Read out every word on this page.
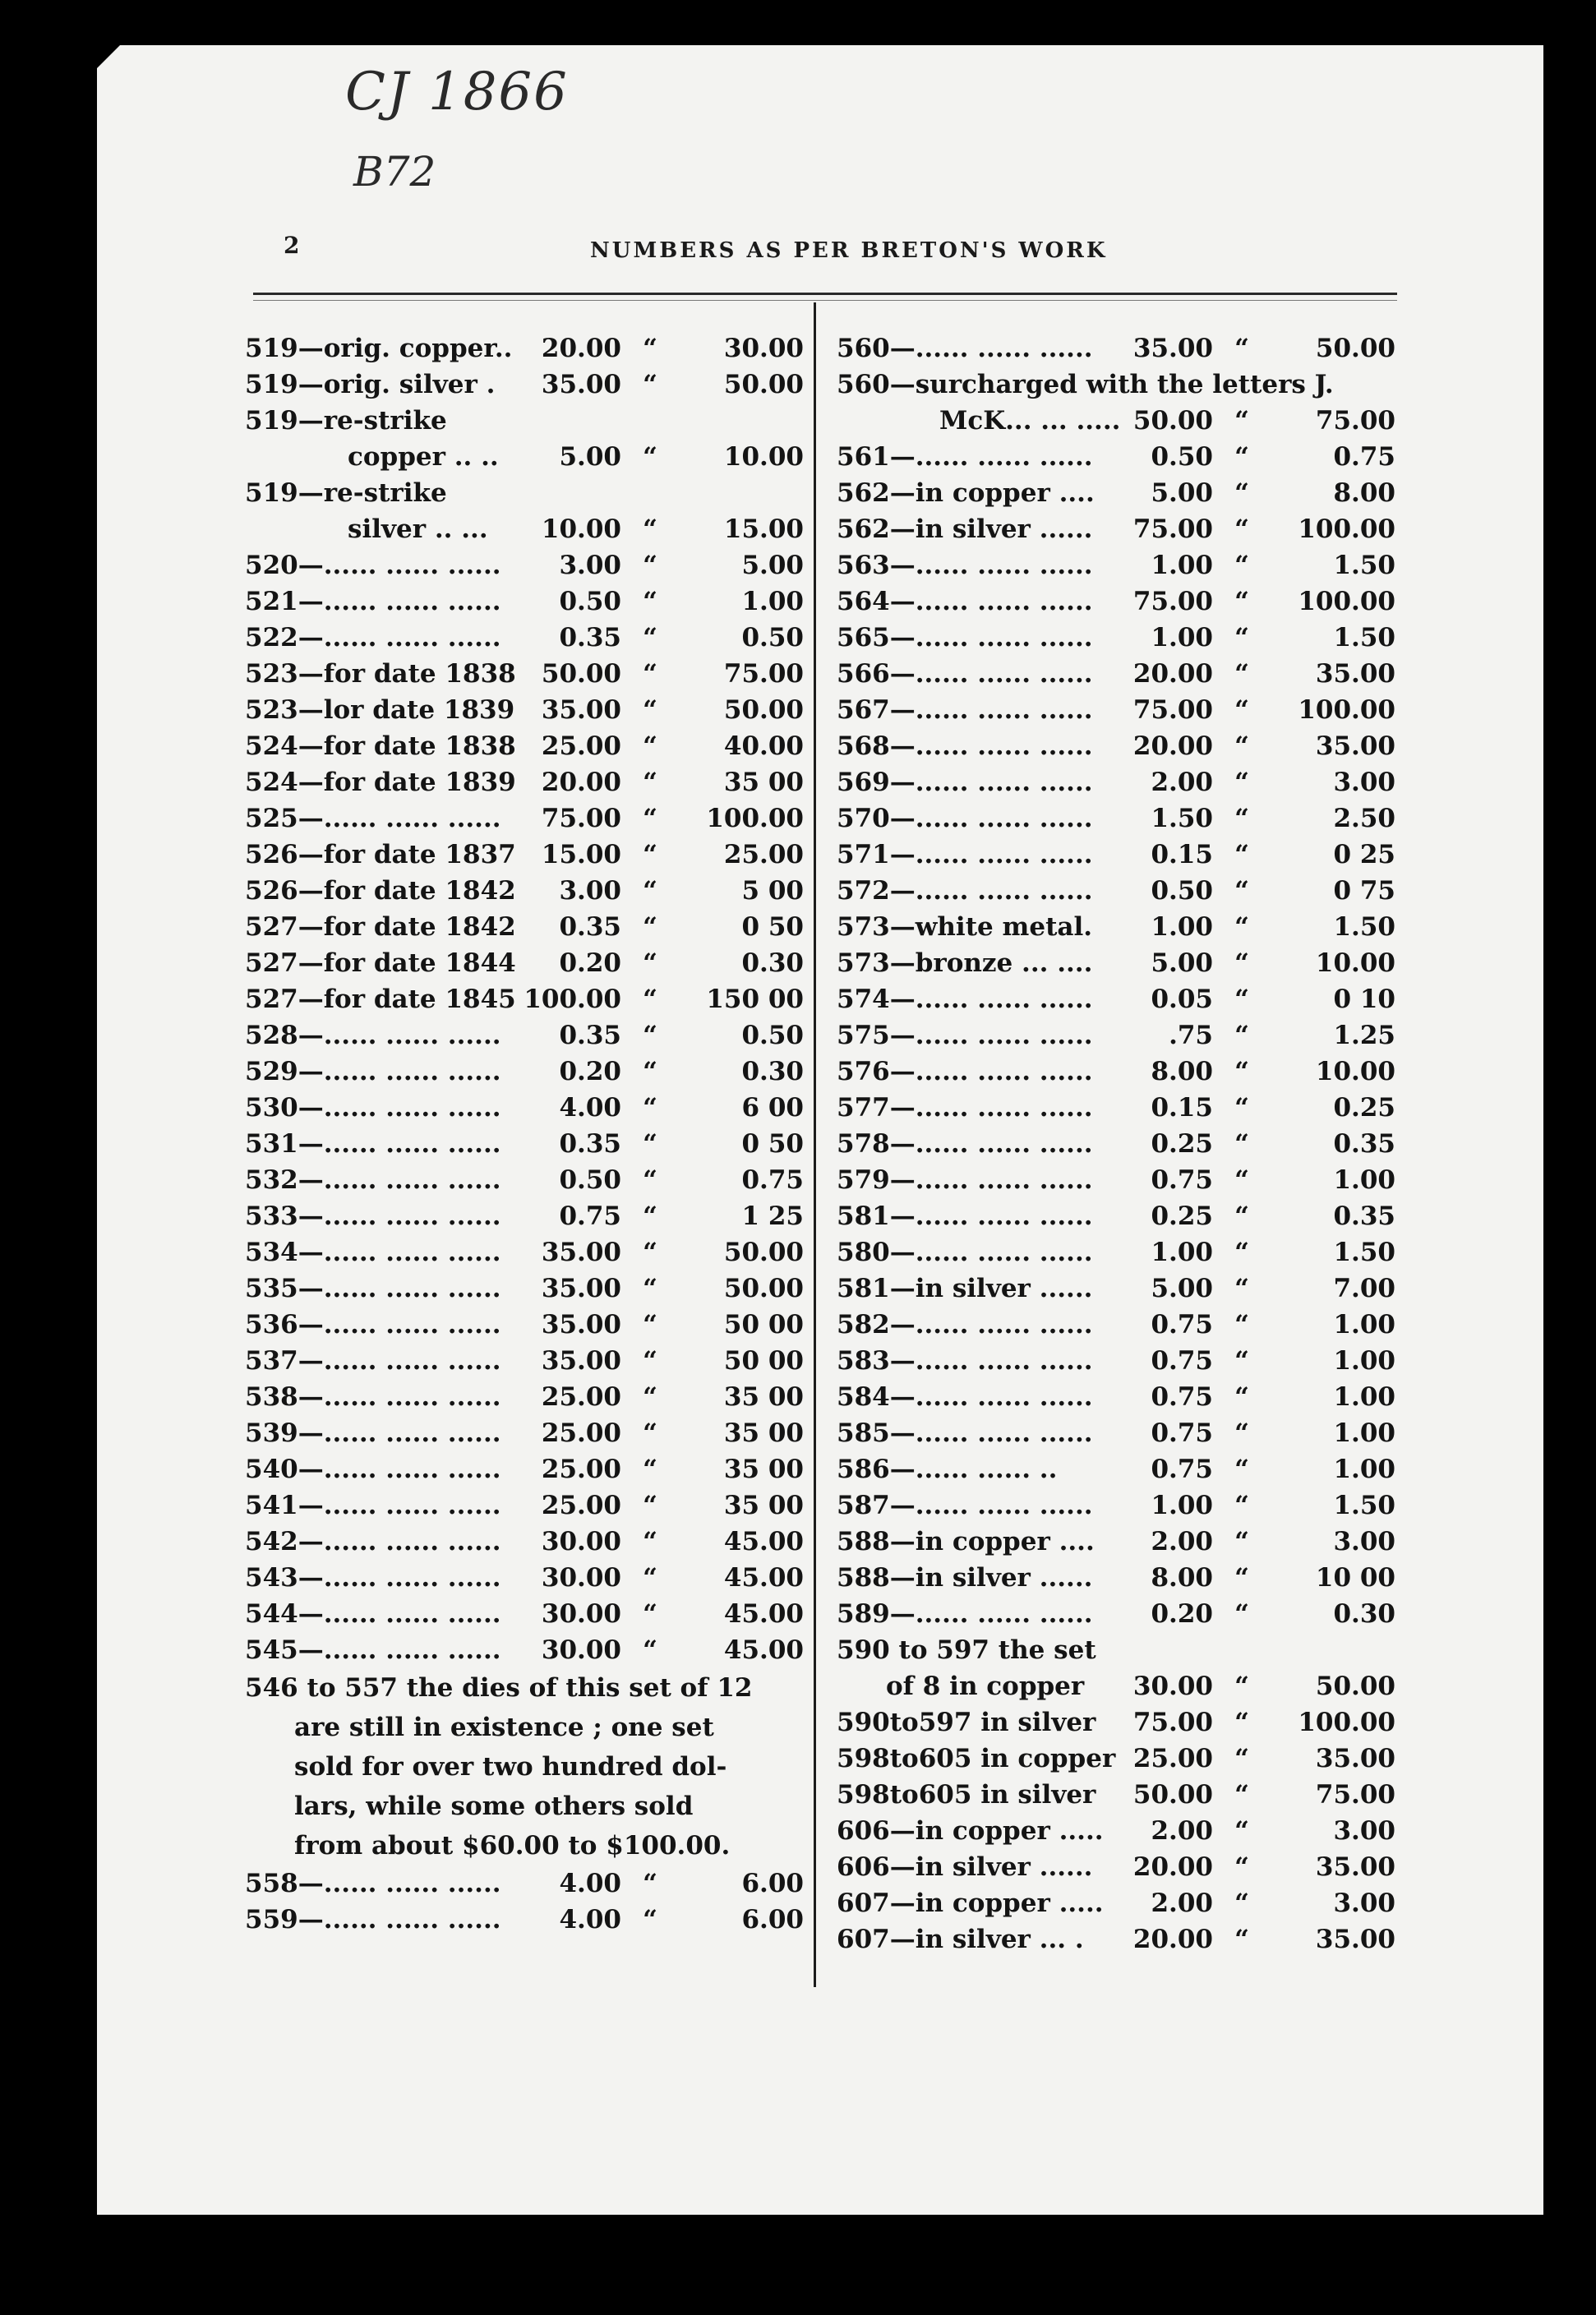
CJ 1866
B72
2	NUMBERS AS PER BRETON'S WORK
519—orig. copper.. 20.00 “	30.00
519—orig. silver . 35.00 “	50.00
519—re-strike
copper .. .. 5.00 “	10.00
519—re-strike
silver .. ... 10.00 “	15.00
520—...... ...... ...... 3.00 “	5.00
521—...... ...... ...... 0.50 “	1.00
522—...... ...... ...... 0.35 “	0.50
523—for date 1838 50.00 “	75.00
523—lor date 1839 35.00 “	50.00
524—for date 1838 25.00 “	40.00
524—for date 1839 20.00 “	35 00
525—...... ...... ...... 75.00 “ 100.00
526—for date 1837 15.00 “	25.00
526—for date 1842 3.00 “	5 00
527—for date 1842 0.35 “	0 50
527—for date 1844 0.20 “	0.30
527—for date 1845 100.00 “ 150 00
528—...... ...... ...... 0.35 “	0.50
529—...... ...... ...... 0.20 “	0.30
530—...... ...... ...... 4.00 “	6 00
531—...... ...... ...... 0.35 “	0 50
532—...... ...... ...... 0.50 “	0.75
533—...... ...... ...... 0.75 “	1 25
534—...... ...... ...... 35.00 “	50.00
535—...... ...... ...... 35.00 “	50.00
536—...... ...... ...... 35.00 “	50 00
537—...... ...... ...... 35.00 “	50 00
538—...... ...... ...... 25.00 “	35 00
539—...... ...... ...... 25.00 “	35 00
540—...... ...... ...... 25.00 “	35 00
541—...... ...... ...... 25.00 “	35 00
542—...... ...... ...... 30.00 “	45.00
543—...... ...... ...... 30.00 “	45.00
544—...... ...... ...... 30.00 “	45.00
545—...... ...... ...... 30.00 “	45.00
546 to 557 the dies of this set of 12
are still in existence ; one set
sold for over two hundred dol-
lars, while some others sold
from about $60.00 to $100.00.
558—...... ...... ...... 4.00 “	6.00
559—...... ...... ...... 4.00 “	6.00
560—...... ...... ...... 35.00 “	50.00
560—surcharged with the letters J.
McK... ... ..... 50.00 “	75.00
561—...... ...... ...... 0.50 “	0.75
562—in copper .... 5.00 “	8.00
562—in silver ...... 75.00 “ 100.00
563—...... ...... ...... 1.00 “	1.50
564—...... ...... ...... 75.00 “ 100.00
565—...... ...... ...... 1.00 “	1.50
566—...... ...... ...... 20.00 “	35.00
567—...... ...... ...... 75.00 “ 100.00
568—...... ...... ...... 20.00 “	35.00
569—...... ...... ...... 2.00 “	3.00
570—...... ...... ...... 1.50 “	2.50
571—...... ...... ...... 0.15 “	0 25
572—...... ...... ...... 0.50 “	0 75
573—white metal. 1.00 “	1.50
573—bronze ... .... 5.00 “	10.00
574—...... ...... ...... 0.05 “	0 10
575—...... ...... ......	.75 “	1.25
576—...... ...... ...... 8.00 “	10.00
577—...... ...... ...... 0.15 “	0.25
578—...... ...... ...... 0.25 “	0.35
579—...... ...... ...... 0.75 “	1.00
581—...... ...... ...... 0.25 “	0.35
580—...... ...... ...... 1.00 “	1.50
581—in silver ...... 5.00 “	7.00
582—...... ...... ...... 0.75 “	1.00
583—...... ...... ...... 0.75 “	1.00
584—...... ...... ...... 0.75 “	1.00
585—...... ...... ...... 0.75 “	1.00
586—...... ...... ..	0.75 “	1.00
587—...... ...... ...... 1.00 “	1.50
588—in copper .... 2.00 “	3.00
588—in silver ...... 8.00 “	10 00
589—...... ...... ...... 0.20 “	0.30
590 to 597 the set
of 8 in copper 30.00 “	50.00
590to597 in silver 75.00 “ 100.00
598to605 in copper 25.00 “	35.00
598to605 in silver 50.00 “	75.00
606—in copper ..... 2.00 “	3.00
606—in silver ...... 20.00 “	35.00
607—in copper ..... 2.00 “	3.00
607—in silver ... . 20.00 “	35.00
